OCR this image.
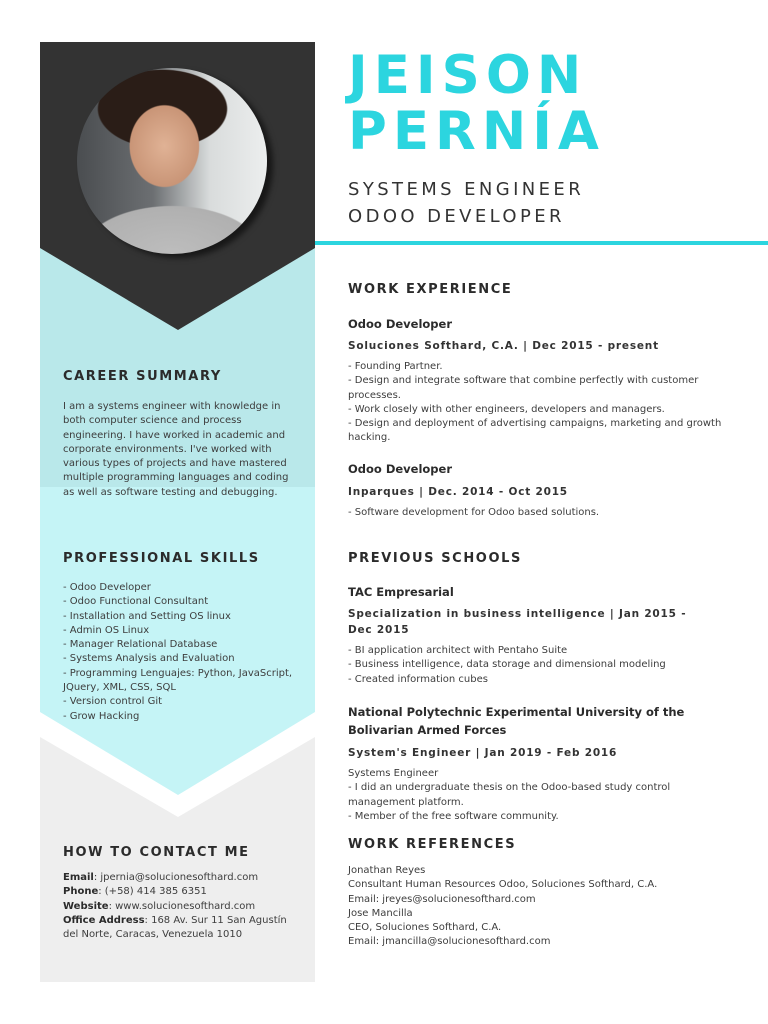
JEISON
PERNÍA
SYSTEMS ENGINEER
ODOO DEVELOPER
CAREER SUMMARY
I am a systems engineer with knowledge in both computer science and process engineering. I have worked in academic and corporate environments. I've worked with various types of projects and have mastered multiple programming languages and coding as well as software testing and debugging.
PROFESSIONAL SKILLS
- Odoo Developer
- Odoo Functional Consultant
- Installation and Setting OS linux
- Admin OS Linux
- Manager Relational Database
- Systems Analysis and Evaluation
- Programming Lenguajes: Python, JavaScript, JQuery, XML, CSS, SQL
- Version control Git
- Grow Hacking
HOW TO CONTACT ME
Email: jpernia@solucionesofthard.com
Phone: (+58) 414 385 6351
Website: www.solucionesofthard.com
Office Address: 168 Av. Sur 11 San Agustín del Norte, Caracas, Venezuela 1010
WORK EXPERIENCE
Odoo Developer
Soluciones Softhard, C.A. | Dec 2015 - present
- Founding Partner.
- Design and integrate software that combine perfectly with customer processes.
- Work closely with other engineers, developers and managers.
- Design and deployment of advertising campaigns, marketing and growth hacking.
Odoo Developer
Inparques | Dec. 2014 - Oct 2015
- Software development for Odoo based solutions.
PREVIOUS SCHOOLS
TAC Empresarial
Specialization in business intelligence | Jan 2015 - Dec 2015
- BI application architect with Pentaho Suite
- Business intelligence, data storage and dimensional modeling
- Created information cubes
National Polytechnic Experimental University of the Bolivarian Armed Forces
System's Engineer | Jan 2019 - Feb 2016
Systems Engineer
- I did an undergraduate thesis on the Odoo-based study control management platform.
- Member of the free software community.
WORK REFERENCES
Jonathan Reyes
Consultant Human Resources Odoo, Soluciones Softhard, C.A.
Email: jreyes@solucionesofthard.com
Jose Mancilla
CEO, Soluciones Softhard, C.A.
Email: jmancilla@solucionesofthard.com
